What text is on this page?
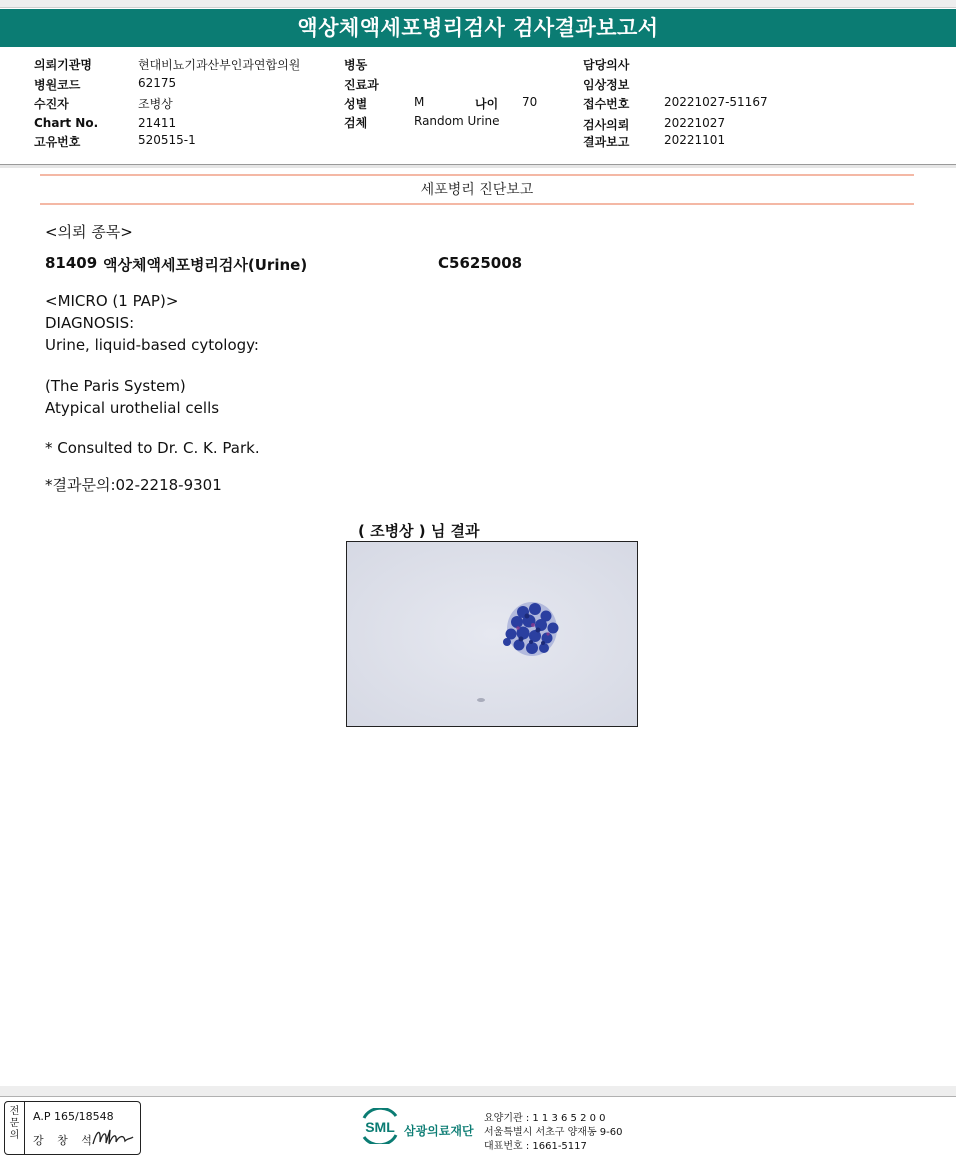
액상체액세포병리검사 검사결과보고서
의뢰기관명	현대비뇨기과산부인과연합의원
병원코드	62175
수진자	조병상
Chart No.	21411
고유번호	520515-1
병동
진료과
성별	M	나이 70
검체	Random Urine
담당의사
임상정보
접수번호	20221027-51167
검사의뢰	20221027
결과보고	20221101
세포병리 진단보고
<의뢰 종목>
81409 액상체액세포병리검사(Urine)	C5625008
<MICRO (1 PAP)>
DIAGNOSIS:
Urine, liquid-based cytology:
(The Paris System)
Atypical urothelial cells
* Consulted to Dr. C. K. Park.
*결과문의:02-2218-9301
( 조병상 ) 님 결과
전
문
의
A.P 165/18548
강 창 석
SML 삼광의료재단
요양기관 : 1 1 3 6 5 2 0 0
서울특별시 서초구 양재동 9-60
대표번호 : 1661-5117
